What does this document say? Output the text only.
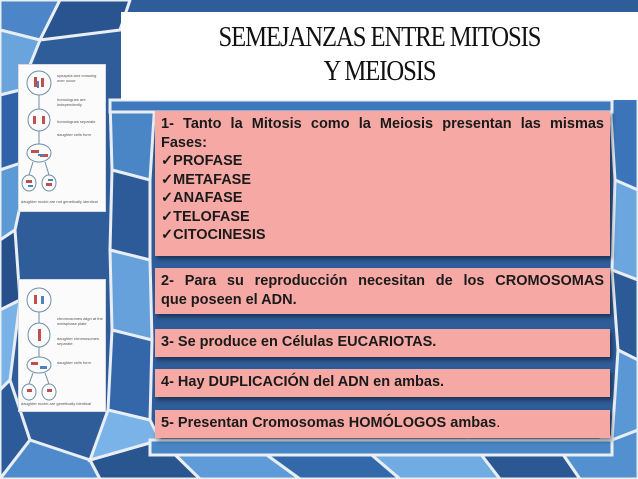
SEMEJANZAS ENTRE MITOSIS
Y MEIOSIS
synapsis and crossing over occur
homologues are independently
homologues separate
daughter cells form
daughter nuclei are not genetically identical
chromosomes align at the metaphase plate
daughter chromosomes separate
daughter cells form
daughter nuclei are genetically identical
1- Tanto la Mitosis como la Meiosis presentan las mismas
Fases:
✓PROFASE
✓METAFASE
✓ANAFASE
✓TELOFASE
✓CITOCINESIS
2- Para su reproducción necesitan de los CROMOSOMAS
que poseen el ADN.
3- Se produce en Células EUCARIOTAS.
4- Hay DUPLICACIÓN del ADN en ambas.
5- Presentan Cromosomas HOMÓLOGOS ambas.
